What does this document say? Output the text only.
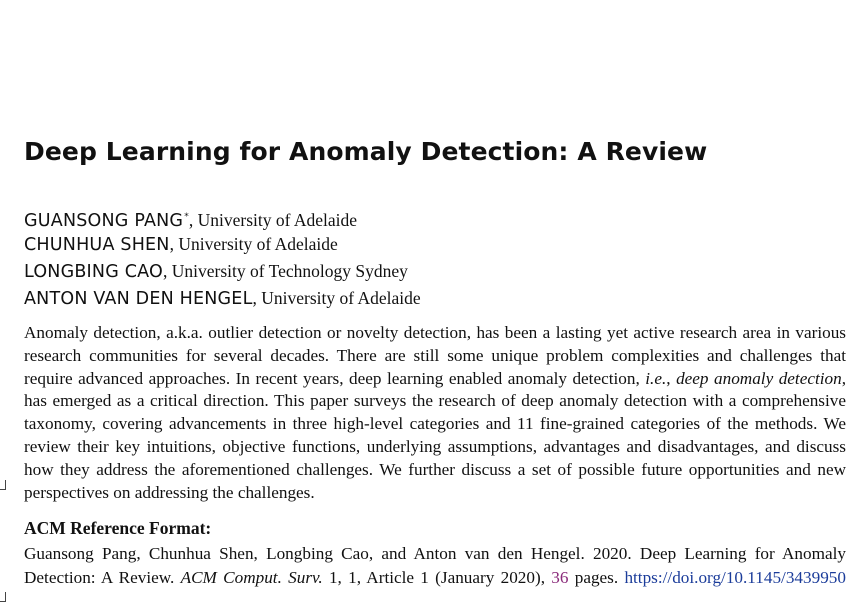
Deep Learning for Anomaly Detection: A Review
GUANSONG PANG*, University of Adelaide
CHUNHUA SHEN, University of Adelaide
LONGBING CAO, University of Technology Sydney
ANTON VAN DEN HENGEL, University of Adelaide

Anomaly detection, a.k.a. outlier detection or novelty detection, has been a lasting yet active research area in various research communities for several decades. There are still some unique problem complexities and challenges that require advanced approaches. In recent years, deep learning enabled anomaly detection, i.e., deep anomaly detection, has emerged as a critical direction. This paper surveys the research of deep anomaly detection with a comprehensive taxonomy, covering advancements in three high-level categories and 11 fine-grained categories of the methods. We review their key intuitions, objective functions, underlying assumptions, advantages and disadvantages, and discuss how they address the aforementioned challenges. We further discuss a set of possible future opportunities and new perspectives on addressing the challenges.

ACM Reference Format:

Guansong Pang, Chunhua Shen, Longbing Cao, and Anton van den Hengel. 2020. Deep Learning for Anomaly Detection: A Review. ACM Comput. Surv. 1, 1, Article 1 (January 2020), 36 pages. https://doi.org/10.1145/3439950
